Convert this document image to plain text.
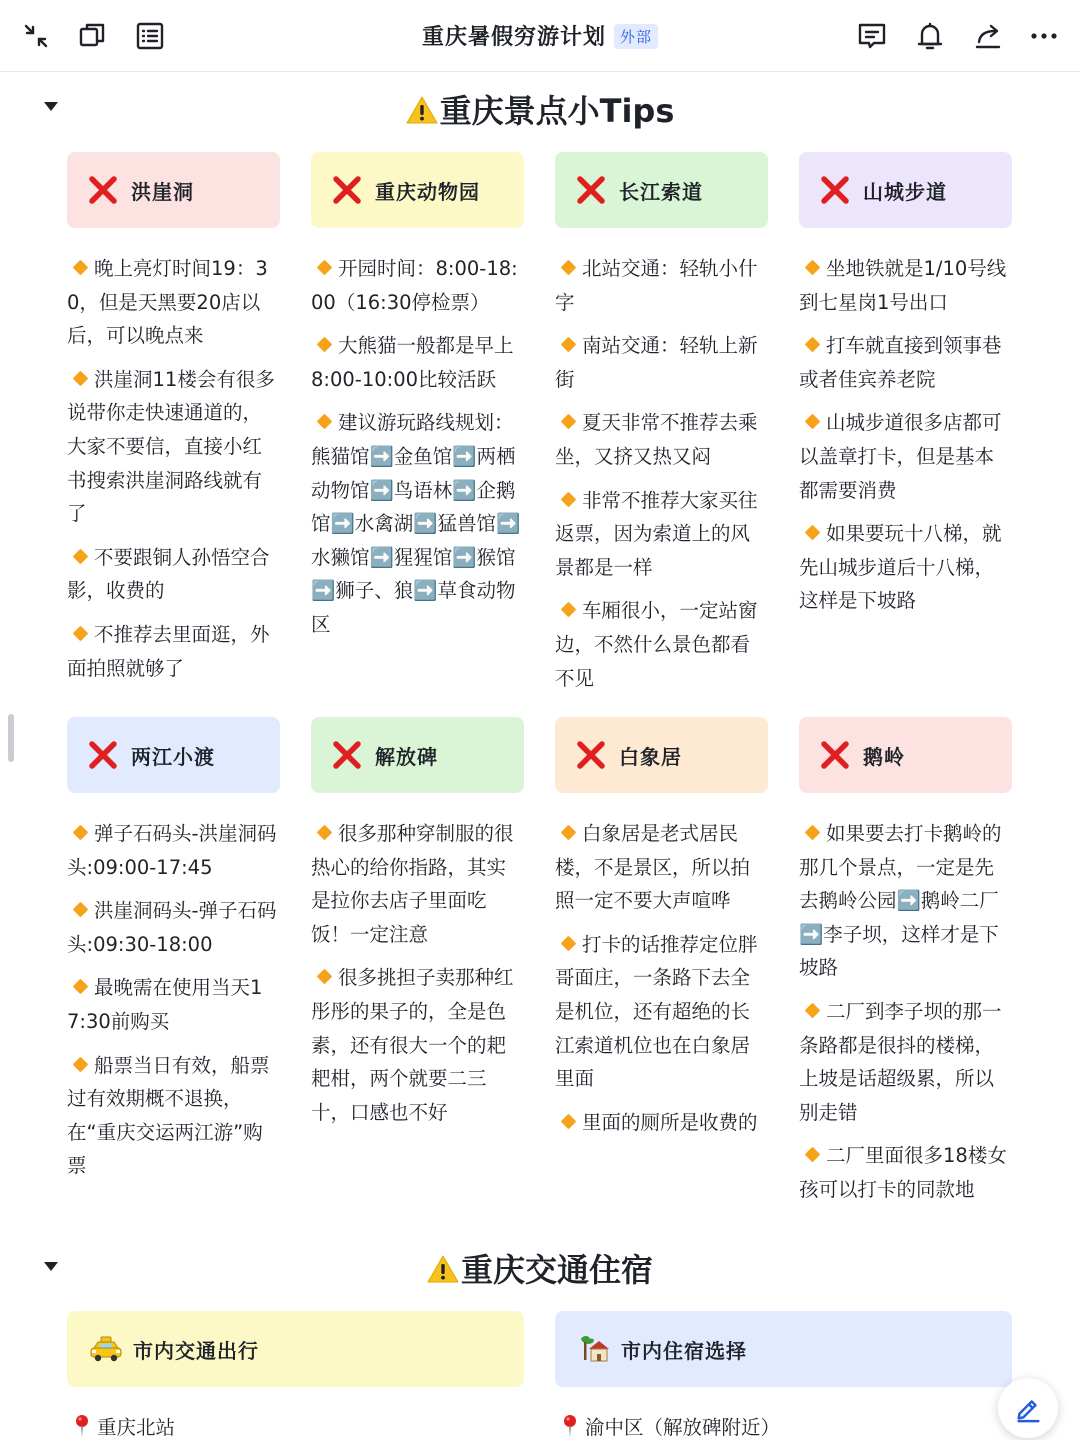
重庆暑假穷游计划 外部
重庆景点小Tips
洪崖洞
晚上亮灯时间19：30，但是天黑要20店以后，可以晚点来
洪崖洞11楼会有很多说带你走快速通道的，大家不要信，直接小红书搜索洪崖洞路线就有了
不要跟铜人孙悟空合影，收费的
不推荐去里面逛，外面拍照就够了
重庆动物园
开园时间：8:00-18:00（16:30停检票）
大熊猫一般都是早上8:00-10:00比较活跃
建议游玩路线规划：熊猫馆➡️金鱼馆➡️两栖动物馆➡️鸟语林➡️企鹅馆➡️水禽湖➡️猛兽馆➡️水獭馆➡️猩猩馆➡️猴馆➡️狮子、狼➡️草食动物区
长江索道
北站交通：轻轨小什字
南站交通：轻轨上新街
夏天非常不推荐去乘坐，又挤又热又闷
非常不推荐大家买往返票，因为索道上的风景都是一样
车厢很小，一定站窗边，不然什么景色都看不见
山城步道
坐地铁就是1/10号线到七星岗1号出口
打车就直接到领事巷或者佳宾养老院
山城步道很多店都可以盖章打卡，但是基本都需要消费
如果要玩十八梯，就先山城步道后十八梯，这样是下坡路
两江小渡
弹子石码头-洪崖洞码头:09:00-17:45
洪崖洞码头-弹子石码头:09:30-18:00
最晚需在使用当天17:30前购买
船票当日有效，船票过有效期概不退换，在“重庆交运两江游”购票
解放碑
很多那种穿制服的很热心的给你指路，其实是拉你去店子里面吃饭！一定注意
很多挑担子卖那种红彤彤的果子的，全是色素，还有很大一个的耙耙柑，两个就要二三十，口感也不好
白象居
白象居是老式居民楼，不是景区，所以拍照一定不要大声喧哗
打卡的话推荐定位胖哥面庄，一条路下去全是机位，还有超绝的长江索道机位也在白象居里面
里面的厕所是收费的
鹅岭
如果要去打卡鹅岭的那几个景点，一定是先去鹅岭公园➡️鹅岭二厂➡️李子坝，这样才是下坡路
二厂到李子坝的那一条路都是很抖的楼梯，上坡是话超级累，所以别走错
二厂里面很多18楼女孩可以打卡的同款地
重庆交通住宿
市内交通出行	市内住宿选择
重庆北站	渝中区（解放碑附近）
